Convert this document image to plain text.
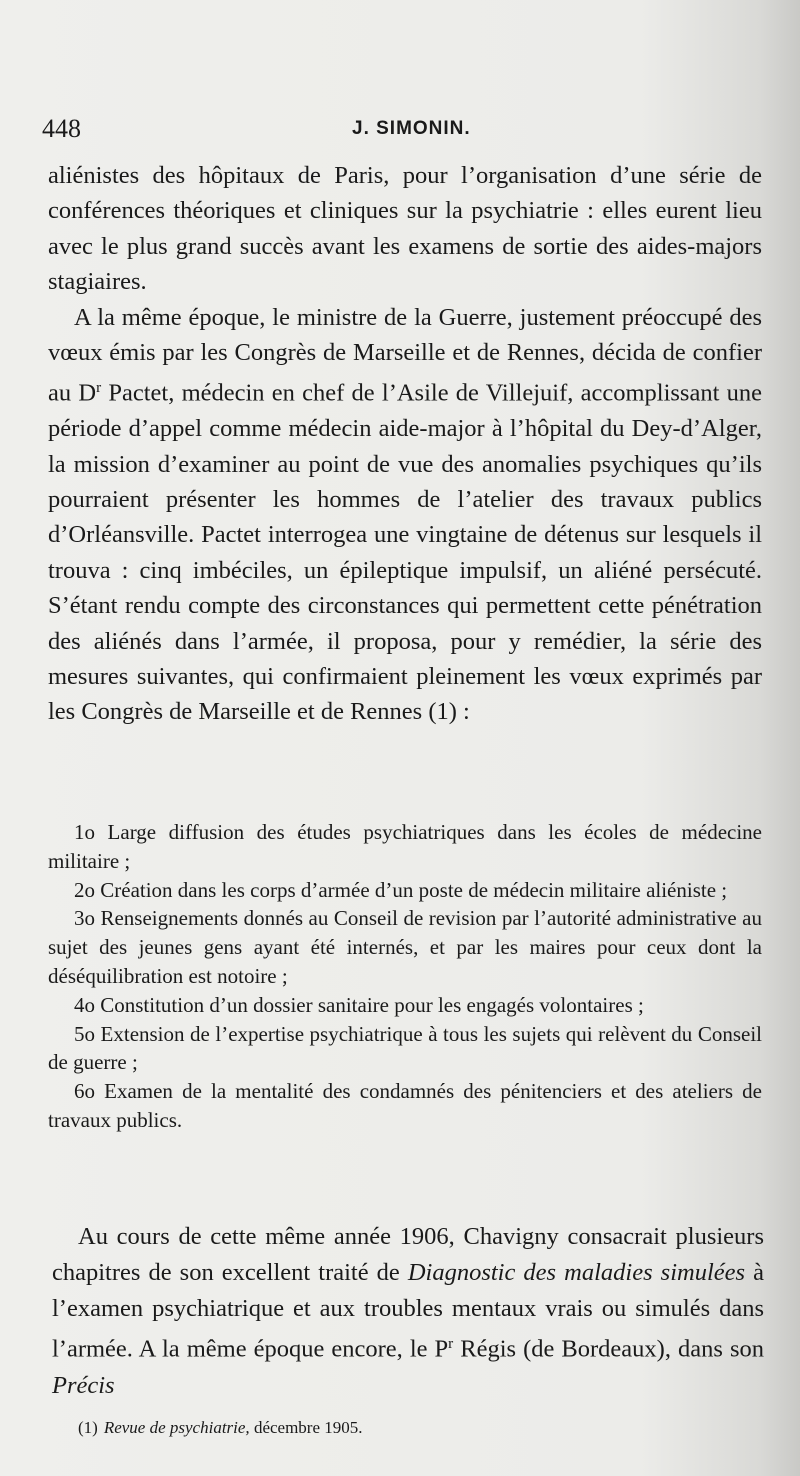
448	J. SIMONIN.

aliénistes des hôpitaux de Paris, pour l’organisation d’une série de conférences théoriques et cliniques sur la psychiatrie : elles eurent lieu avec le plus grand succès avant les examens de sortie des aides-majors stagiaires.

A la même époque, le ministre de la Guerre, justement préoccupé des vœux émis par les Congrès de Marseille et de Rennes, décida de confier au $D^r$ Pactet, médecin en chef de l’Asile de Villejuif, accomplissant une période d’appel comme médecin aide-major à l’hôpital du Dey-d’Alger, la mission d’examiner au point de vue des anomalies psychiques qu’ils pourraient présenter les hommes de l’atelier des travaux publics d’Orléansville. Pactet interrogea une vingtaine de détenus sur lesquels il trouva : cinq imbéciles, un épileptique impulsif, un aliéné persécuté. S’étant rendu compte des circonstances qui permettent cette pénétration des aliénés dans l’armée, il proposa, pour y remédier, la série des mesures suivantes, qui confirmaient pleinement les vœux exprimés par les Congrès de Marseille et de Rennes (1) :

1o Large diffusion des études psychiatriques dans les écoles de médecine militaire ;

2o Création dans les corps d’armée d’un poste de médecin militaire aliéniste ;

3o Renseignements donnés au Conseil de revision par l’autorité administrative au sujet des jeunes gens ayant été internés, et par les maires pour ceux dont la déséquilibration est notoire ;

4o Constitution d’un dossier sanitaire pour les engagés volontaires ;

5o Extension de l’expertise psychiatrique à tous les sujets qui relèvent du Conseil de guerre ;

6o Examen de la mentalité des condamnés des pénitenciers et des ateliers de travaux publics.

Au cours de cette même année 1906, Chavigny consacrait plusieurs chapitres de son excellent traité de Diagnostic des maladies simulées à l’examen psychiatrique et aux troubles mentaux vrais ou simulés dans l’armée. A la même époque encore, le $P^r$ Régis (de Bordeaux), dans son Précis

(1) Revue de psychiatrie, décembre 1905.
